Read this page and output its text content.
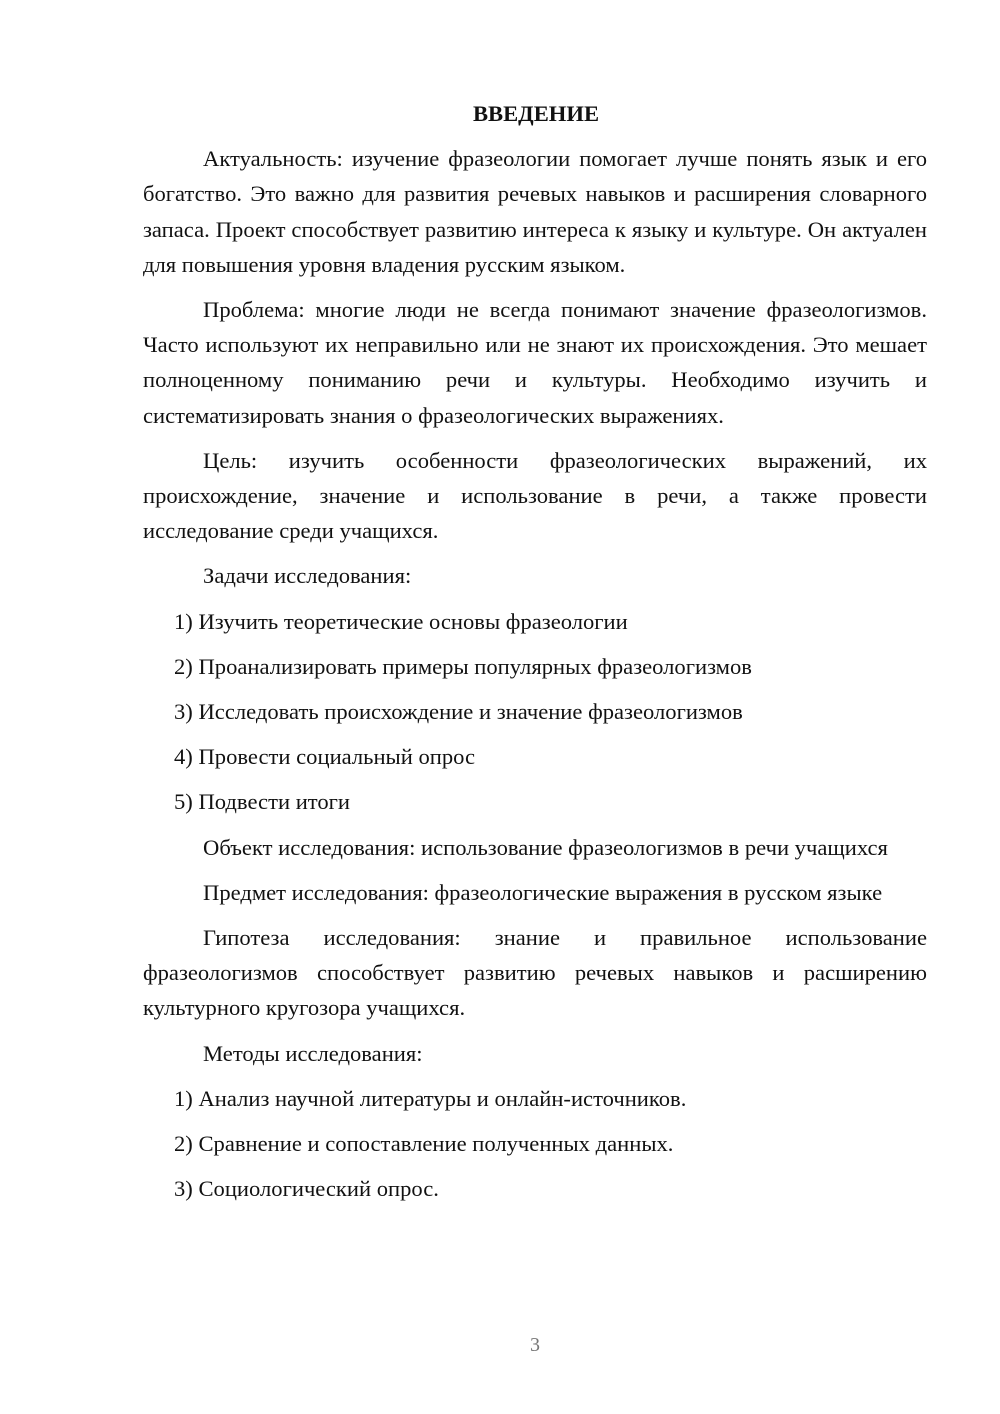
ВВЕДЕНИЕ

Актуальность: изучение фразеологии помогает лучше понять язык и его богатство. Это важно для развития речевых навыков и расширения словарного запаса. Проект способствует развитию интереса к языку и культуре. Он актуален для повышения уровня владения русским языком.

Проблема: многие люди не всегда понимают значение фразеологизмов. Часто используют их неправильно или не знают их происхождения. Это мешает полноценному пониманию речи и культуры. Необходимо изучить и систематизировать знания о фразеологических выражениях.

Цель: изучить особенности фразеологических выражений, их происхождение, значение и использование в речи, а также провести исследование среди учащихся.

Задачи исследования:
1) Изучить теоретические основы фразеологии
2) Проанализировать примеры популярных фразеологизмов
3) Исследовать происхождение и значение фразеологизмов
4) Провести социальный опрос
5) Подвести итоги

Объект исследования: использование фразеологизмов в речи учащихся

Предмет исследования: фразеологические выражения в русском языке

Гипотеза исследования: знание и правильное использование фразеологизмов способствует развитию речевых навыков и расширению культурного кругозора учащихся.

Методы исследования:
1) Анализ научной литературы и онлайн-источников.
2) Сравнение и сопоставление полученных данных.
3) Социологический опрос.
3
